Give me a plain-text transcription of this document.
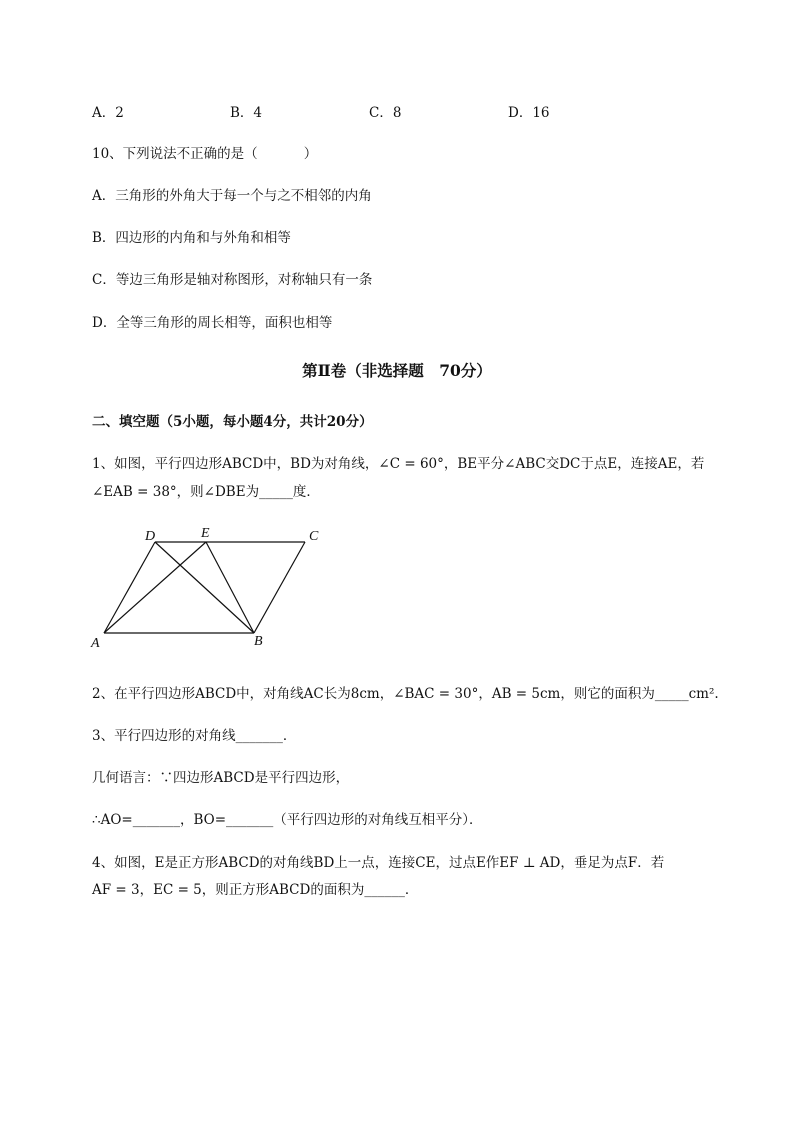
A．2	B．4	C．8	D．16
10、下列说法不正确的是（	）
A．三角形的外角大于每一个与之不相邻的内角
B．四边形的内角和与外角和相等
C．等边三角形是轴对称图形，对称轴只有一条
D．全等三角形的周长相等，面积也相等
第Ⅱ卷（非选择题　70分）
二、填空题（5小题，每小题4分，共计20分）
1、如图，平行四边形ABCD中，BD为对角线，∠C = 60°，BE平分∠ABC交DC于点E，连接AE，若
∠EAB = 38°，则∠DBE为_____度．
A	B
C
D	E
2、在平行四边形ABCD中，对角线AC长为8cm，∠BAC = 30°，AB = 5cm，则它的面积为_____cm².
3、平行四边形的对角线_______．
几何语言：∵四边形ABCD是平行四边形，
∴AO=_______，BO=_______（平行四边形的对角线互相平分）．
4、如图，E是正方形ABCD的对角线BD上一点，连接CE，过点E作EF ⊥ AD，垂足为点F．若
AF = 3，EC = 5，则正方形ABCD的面积为______．
